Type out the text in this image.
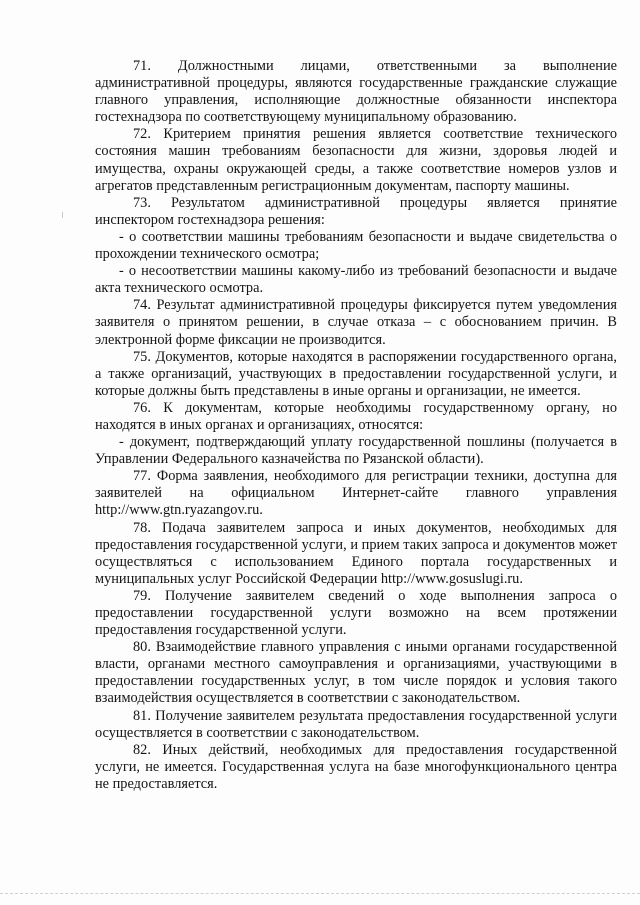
71. Должностными лицами, ответственными за выполнение административной процедуры, являются государственные гражданские служащие главного управления, исполняющие должностные обязанности инспектора гостехнадзора по соответствующему муниципальному образованию.

72. Критерием принятия решения является соответствие технического состояния машин требованиям безопасности для жизни, здоровья людей и имущества, охраны окружающей среды, а также соответствие номеров узлов и агрегатов представленным регистрационным документам, паспорту машины.

73. Результатом административной процедуры является принятие инспектором гостехнадзора решения:

- о соответствии машины требованиям безопасности и выдаче свидетельства о прохождении технического осмотра;

- о несоответствии машины какому-либо из требований безопасности и выдаче акта технического осмотра.

74. Результат административной процедуры фиксируется путем уведомления заявителя о принятом решении, в случае отказа – с обоснованием причин. В электронной форме фиксации не производится.

75. Документов, которые находятся в распоряжении государственного органа, а также организаций, участвующих в предоставлении государственной услуги, и которые должны быть представлены в иные органы и организации, не имеется.

76. К документам, которые необходимы государственному органу, но находятся в иных органах и организациях, относятся:

- документ, подтверждающий уплату государственной пошлины (получается в Управлении Федерального казначейства по Рязанской области).

77. Форма заявления, необходимого для регистрации техники, доступна для заявителей на официальном Интернет-сайте главного управления http://www.gtn.ryazangov.ru.

78. Подача заявителем запроса и иных документов, необходимых для предоставления государственной услуги, и прием таких запроса и документов может осуществляться с использованием Единого портала государственных и муниципальных услуг Российской Федерации http://www.gosuslugi.ru.

79. Получение заявителем сведений о ходе выполнения запроса о предоставлении государственной услуги возможно на всем протяжении предоставления государственной услуги.

80. Взаимодействие главного управления с иными органами государственной власти, органами местного самоуправления и организациями, участвующими в предоставлении государственных услуг, в том числе порядок и условия такого взаимодействия осуществляется в соответствии с законодательством.

81. Получение заявителем результата предоставления государственной услуги осуществляется в соответствии с законодательством.

82. Иных действий, необходимых для предоставления государственной услуги, не имеется. Государственная услуга на базе многофункционального центра не предоставляется.
